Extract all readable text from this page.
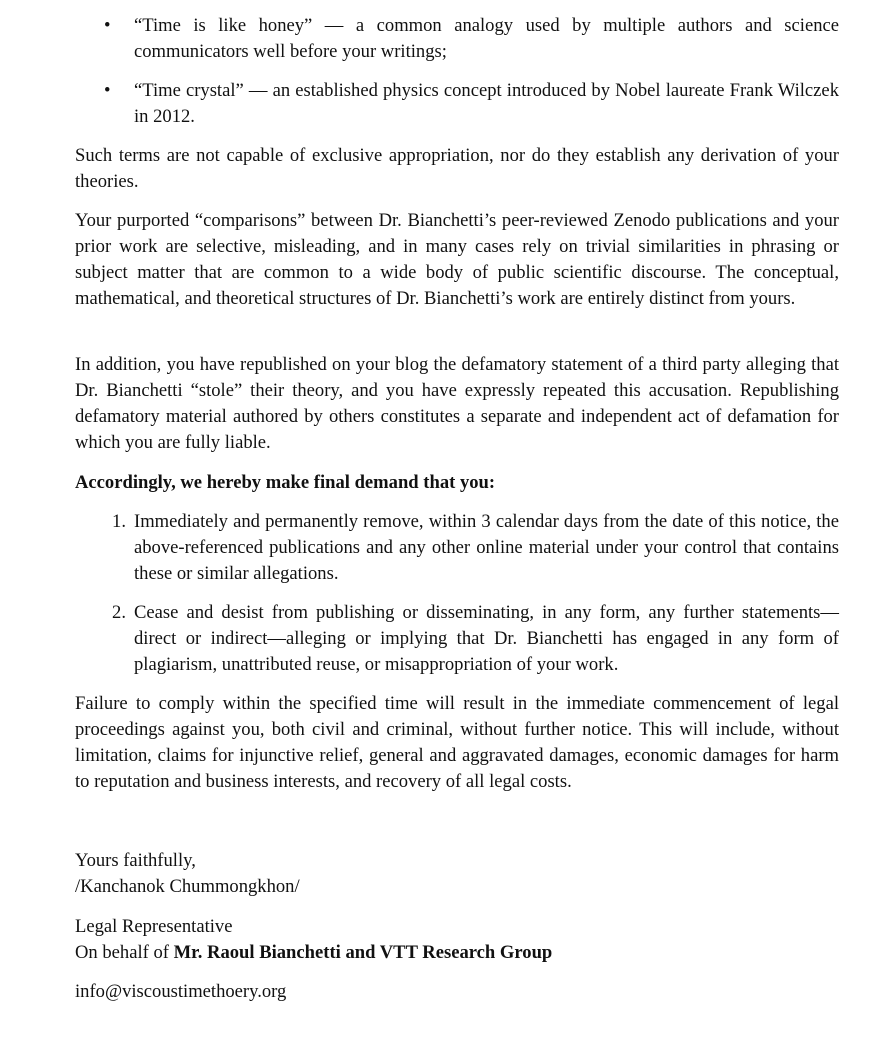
• “Time is like honey” — a common analogy used by multiple authors and science communicators well before your writings;
• “Time crystal” — an established physics concept introduced by Nobel laureate Frank Wilczek in 2012.

Such terms are not capable of exclusive appropriation, nor do they establish any derivation of your theories.

Your purported “comparisons” between Dr. Bianchetti’s peer-reviewed Zenodo publications and your prior work are selective, misleading, and in many cases rely on trivial similarities in phrasing or subject matter that are common to a wide body of public scientific discourse. The conceptual, mathematical, and theoretical structures of Dr. Bianchetti’s work are entirely distinct from yours.

In addition, you have republished on your blog the defamatory statement of a third party alleging that Dr. Bianchetti “stole” their theory, and you have expressly repeated this accusation. Republishing defamatory material authored by others constitutes a separate and independent act of defamation for which you are fully liable.

Accordingly, we hereby make final demand that you:

1. Immediately and permanently remove, within 3 calendar days from the date of this notice, the above-referenced publications and any other online material under your control that contains these or similar allegations.
2. Cease and desist from publishing or disseminating, in any form, any further statements—direct or indirect—alleging or implying that Dr. Bianchetti has engaged in any form of plagiarism, unattributed reuse, or misappropriation of your work.

Failure to comply within the specified time will result in the immediate commencement of legal proceedings against you, both civil and criminal, without further notice. This will include, without limitation, claims for injunctive relief, general and aggravated damages, economic damages for harm to reputation and business interests, and recovery of all legal costs.

Yours faithfully,
/Kanchanok Chummongkhon/
Legal Representative
On behalf of Mr. Raoul Bianchetti and VTT Research Group
info@viscoustimethoery.org
